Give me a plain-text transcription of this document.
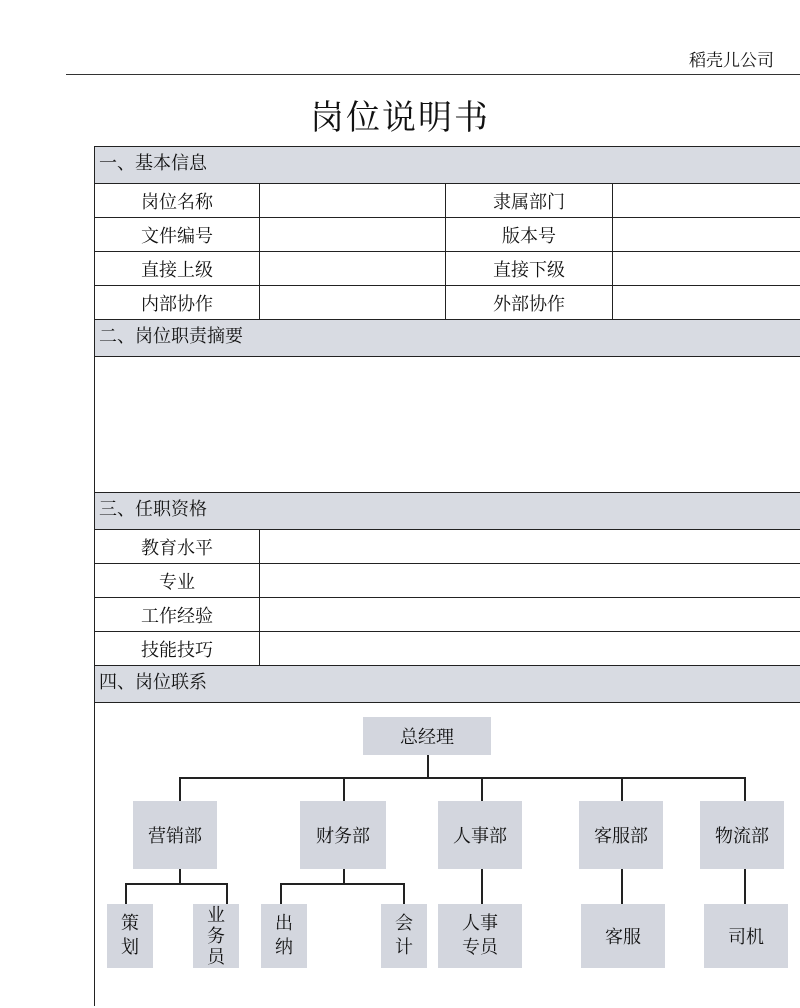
稻壳儿公司
岗位说明书
一、基本信息
岗位名称	隶属部门
文件编号	版本号
直接上级	直接下级
内部协作	外部协作
二、岗位职责摘要
三、任职资格
教育水平
专业
工作经验
技能技巧
四、岗位联系
总经理
营销部	财务部	人事部	客服部	物流部
策
划
业
务
员
出
纳
会
计
人事
专员	客服	司机
